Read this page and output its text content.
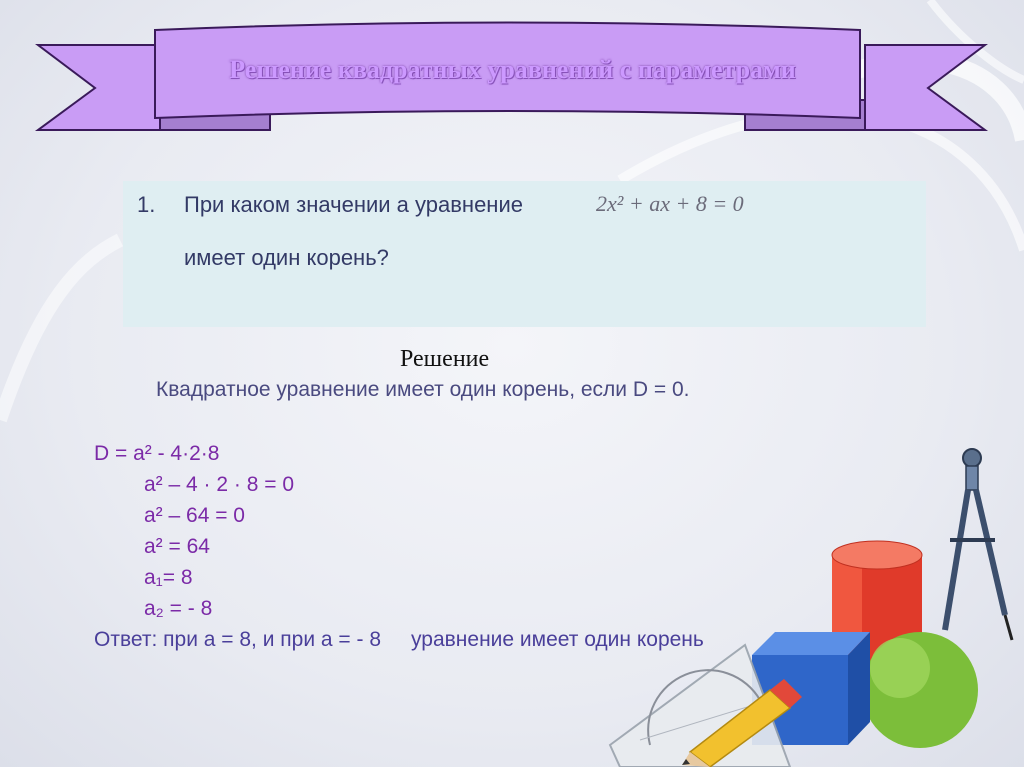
Решение квадратных уравнений с параметрами
1. При каком значении а уравнение	2x² + ax + 8 = 0
имеет один корень?
Решение
Квадратное уравнение имеет один корень, если D = 0.
D = a² - 4·2·8
a² – 4 · 2 · 8 = 0
a² – 64 = 0
a² = 64
a₁= 8
a₂ = - 8
Ответ: при а = 8, и при а = - 8 уравнение имеет один корень
